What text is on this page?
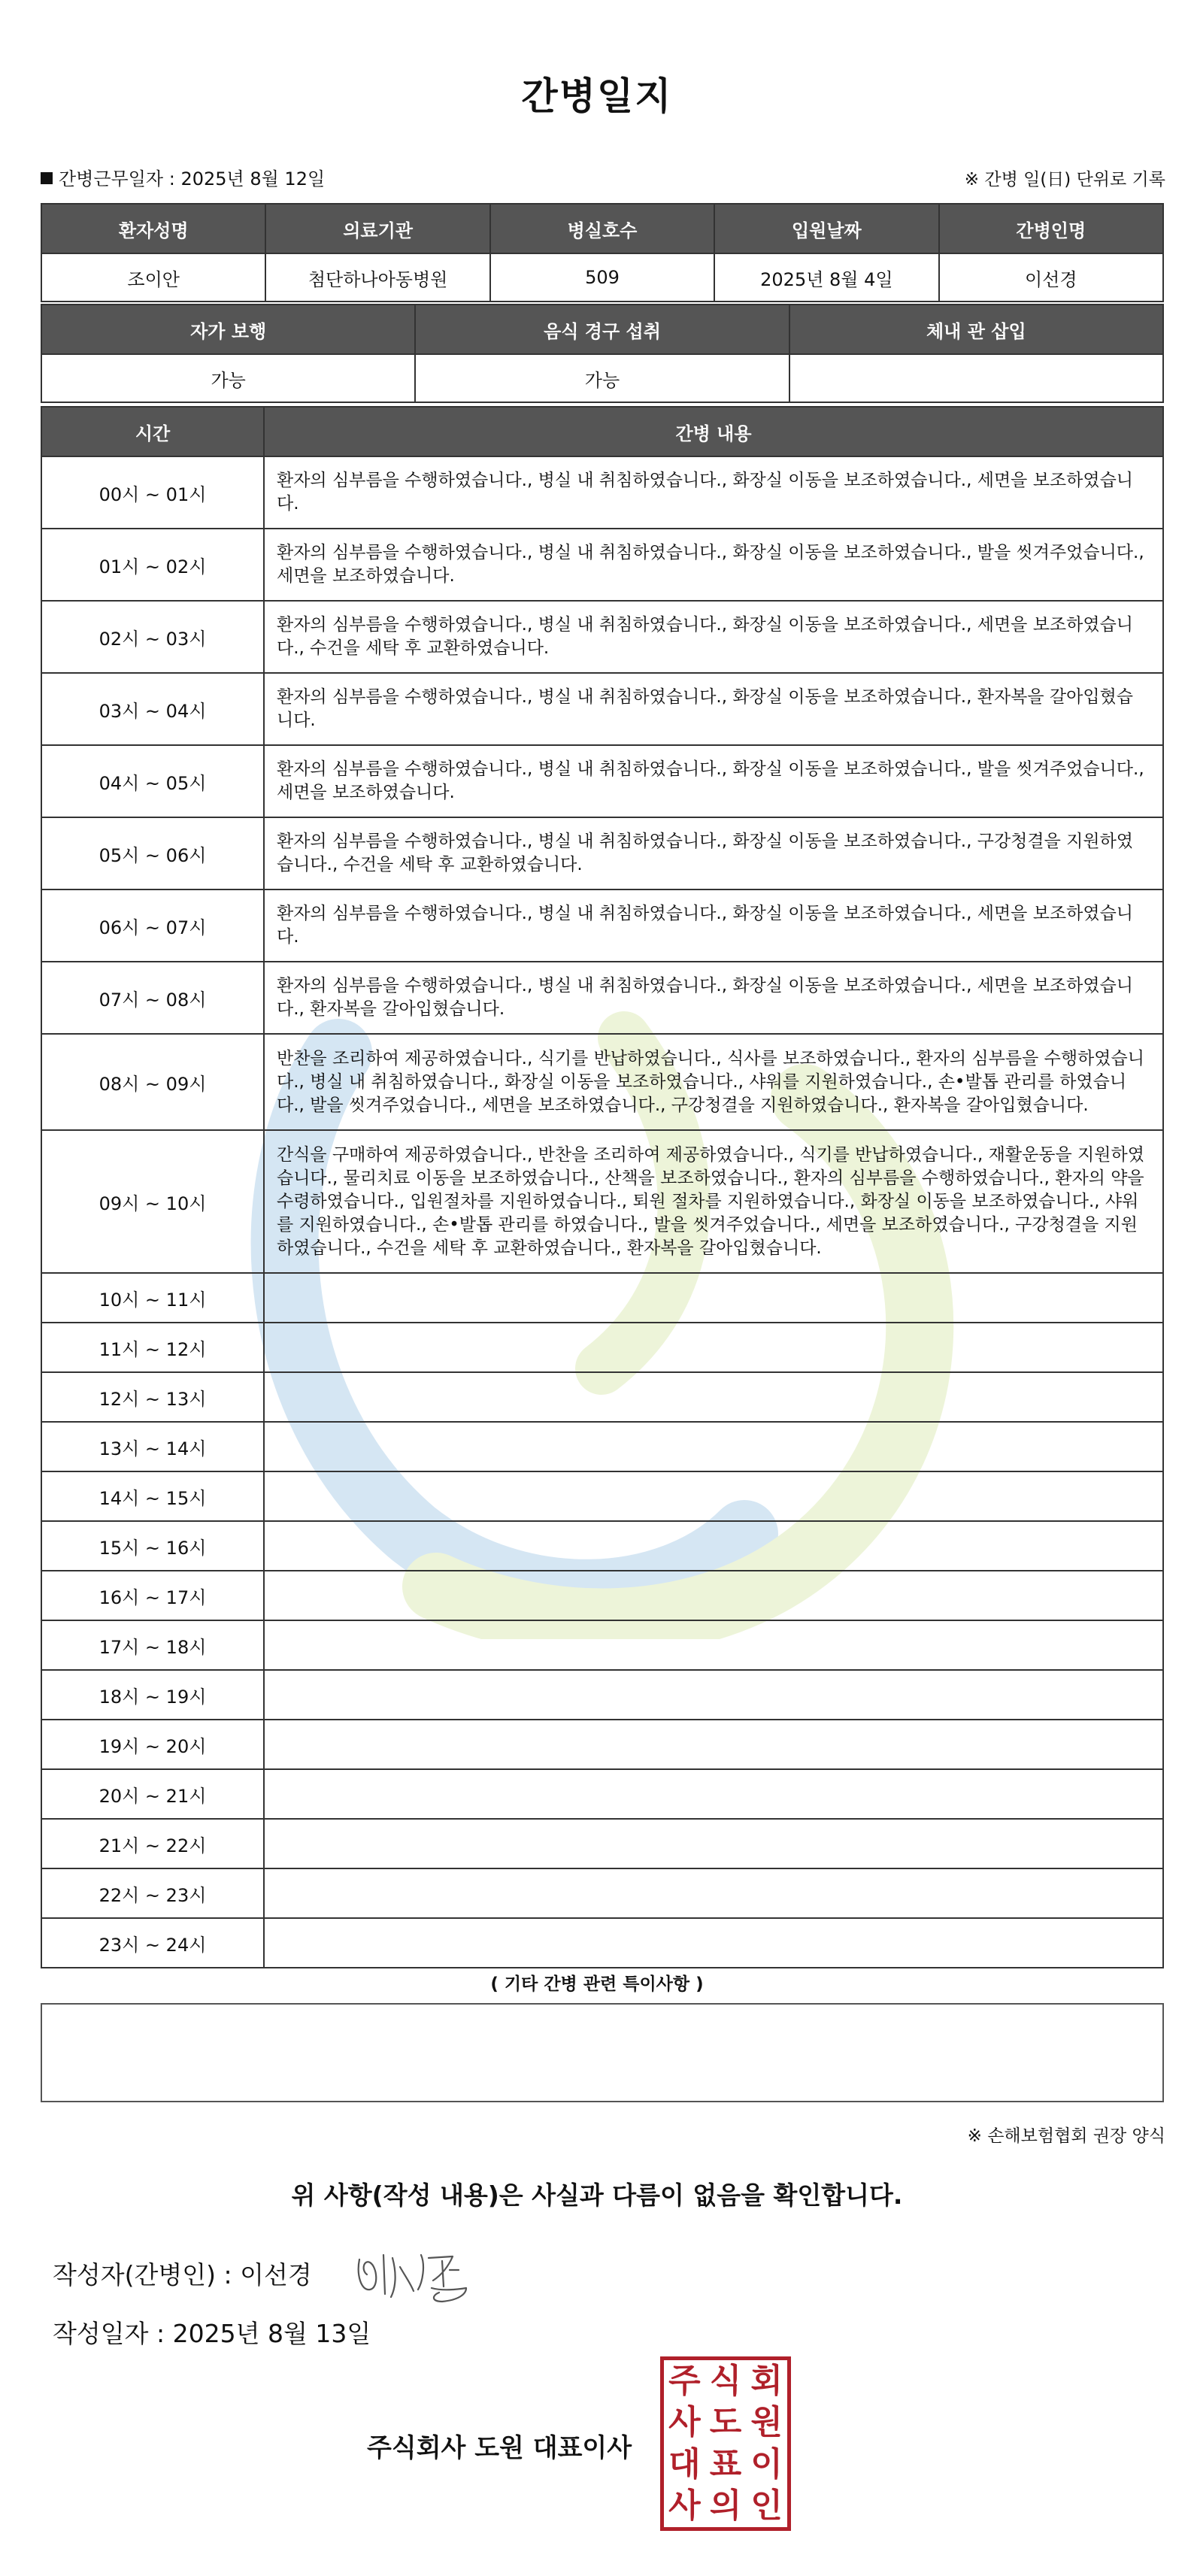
간병일지
간병근무일자 : 2025년 8월 12일	※ 간병 일(日) 단위로 기록
환자성명	의료기관	병실호수	입원날짜	간병인명
조이안	첨단하나아동병원	509	2025년 8월 4일	이선경
자가 보행	음식 경구 섭취	체내 관 삽입
가능	가능	
시간	간병 내용
00시 ~ 01시	환자의 심부름을 수행하였습니다., 병실 내 취침하였습니다., 화장실 이동을 보조하였습니다., 세면을 보조하였습니다.
01시 ~ 02시	환자의 심부름을 수행하였습니다., 병실 내 취침하였습니다., 화장실 이동을 보조하였습니다., 발을 씻겨주었습니다., 세면을 보조하였습니다.
02시 ~ 03시	환자의 심부름을 수행하였습니다., 병실 내 취침하였습니다., 화장실 이동을 보조하였습니다., 세면을 보조하였습니다., 수건을 세탁 후 교환하였습니다.
03시 ~ 04시	환자의 심부름을 수행하였습니다., 병실 내 취침하였습니다., 화장실 이동을 보조하였습니다., 환자복을 갈아입혔습니다.
04시 ~ 05시	환자의 심부름을 수행하였습니다., 병실 내 취침하였습니다., 화장실 이동을 보조하였습니다., 발을 씻겨주었습니다., 세면을 보조하였습니다.
05시 ~ 06시	환자의 심부름을 수행하였습니다., 병실 내 취침하였습니다., 화장실 이동을 보조하였습니다., 구강청결을 지원하였습니다., 수건을 세탁 후 교환하였습니다.
06시 ~ 07시	환자의 심부름을 수행하였습니다., 병실 내 취침하였습니다., 화장실 이동을 보조하였습니다., 세면을 보조하였습니다.
07시 ~ 08시	환자의 심부름을 수행하였습니다., 병실 내 취침하였습니다., 화장실 이동을 보조하였습니다., 세면을 보조하였습니다., 환자복을 갈아입혔습니다.
08시 ~ 09시	반찬을 조리하여 제공하였습니다., 식기를 반납하였습니다., 식사를 보조하였습니다., 환자의 심부름을 수행하였습니다., 병실 내 취침하였습니다., 화장실 이동을 보조하였습니다., 샤워를 지원하였습니다., 손•발톱 관리를 하였습니다., 발을 씻겨주었습니다., 세면을 보조하였습니다., 구강청결을 지원하였습니다., 환자복을 갈아입혔습니다.
09시 ~ 10시	간식을 구매하여 제공하였습니다., 반찬을 조리하여 제공하였습니다., 식기를 반납하였습니다., 재활운동을 지원하였습니다., 물리치료 이동을 보조하였습니다., 산책을 보조하였습니다., 환자의 심부름을 수행하였습니다., 환자의 약을 수령하였습니다., 입원절차를 지원하였습니다., 퇴원 절차를 지원하였습니다., 화장실 이동을 보조하였습니다., 샤워를 지원하였습니다., 손•발톱 관리를 하였습니다., 발을 씻겨주었습니다., 세면을 보조하였습니다., 구강청결을 지원하였습니다., 수건을 세탁 후 교환하였습니다., 환자복을 갈아입혔습니다.
10시 ~ 11시	
11시 ~ 12시	
12시 ~ 13시	
13시 ~ 14시	
14시 ~ 15시	
15시 ~ 16시	
16시 ~ 17시	
17시 ~ 18시	
18시 ~ 19시	
19시 ~ 20시	
20시 ~ 21시	
21시 ~ 22시	
22시 ~ 23시	
23시 ~ 24시	
( 기타 간병 관련 특이사항 )
※ 손해보험협회 권장 양식
위 사항(작성 내용)은 사실과 다름이 없음을 확인합니다.
작성자(간병인) : 이선경
작성일자 : 2025년 8월 13일
주식회사 도원 대표이사
주 식 회
사 도 원
대 표 이
사 의 인
